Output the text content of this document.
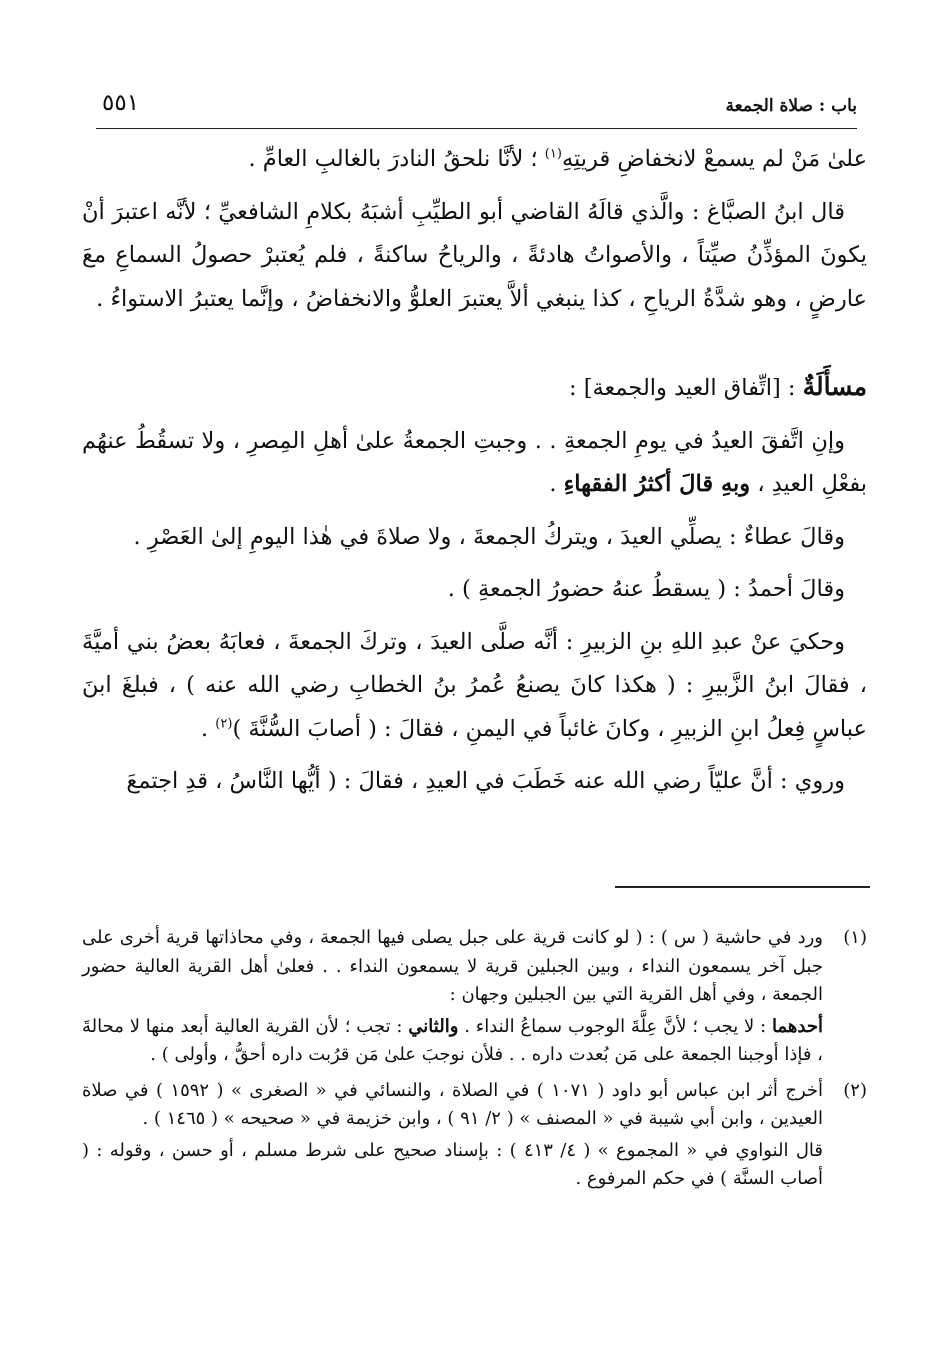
باب : صلاة الجمعة
٥٥١

علىٰ مَنْ لم يسمعْ لانخفاضِ قريتِهِ$^{(١)}$ ؛ لأنَّا نلحقُ النادرَ بالغالبِ العامِّ .

قال ابنُ الصبَّاغ : والَّذي قالَهُ القاضي أبو الطيِّبِ أشبَهُ بكلامِ الشافعيِّ ؛ لأنَّه اعتبرَ أنْ يكونَ المؤذِّنُ صيِّتاً ، والأصواتُ هادئةً ، والرياحُ ساكنةً ، فلم يُعتبرْ حصولُ السماعِ معَ عارضٍ ، وهو شدَّةُ الرياحِ ، كذا ينبغي ألاَّ يعتبرَ العلوُّ والانخفاضُ ، وإنَّما يعتبرُ الاستواءُ .

مسأَلَةٌ : [اتِّفاق العيد والجمعة] :

وإنِ اتَّفقَ العيدُ في يومِ الجمعةِ . . وجبتِ الجمعةُ علىٰ أهلِ المِصرِ ، ولا تسقُطُ عنهُم بفعْلِ العيدِ ، وبهِ قالَ أكثرُ الفقهاءِ .

وقالَ عطاءٌ : يصلِّي العيدَ ، ويتركُ الجمعةَ ، ولا صلاةَ في هٰذا اليومِ إلىٰ العَصْرِ .

وقالَ أحمدُ : ( يسقطُ عنهُ حضورُ الجمعةِ ) .

وحكيَ عنْ عبدِ اللهِ بنِ الزبيرِ : أنَّه صلَّى العيدَ ، وتركَ الجمعةَ ، فعابَهُ بعضُ بني أميَّةَ ، فقالَ ابنُ الزَّبيرِ : ( هكذا كانَ يصنعُ عُمرُ بنُ الخطابِ رضي الله عنه ) ، فبلغَ ابنَ عباسٍ فِعلُ ابنِ الزبيرِ ، وكانَ غائباً في اليمنِ ، فقالَ : ( أصابَ السُّنَّةَ )$^{(٢)}$ .

وروي : أنَّ عليّاً رضي الله عنه خَطَبَ في العيدِ ، فقالَ : ( أيُّها النَّاسُ ، قدِ اجتمعَ

(١)

ورد في حاشية ( س ) : ( لو كانت قرية على جبل يصلى فيها الجمعة ، وفي محاذاتها قرية أخرى على جبل آخر يسمعون النداء ، وبين الجبلين قرية لا يسمعون النداء . . فعلىٰ أهل القرية العالية حضور الجمعة ، وفي أهل القرية التي بين الجبلين وجهان :

أحدهما : لا يجب ؛ لأنَّ عِلَّةَ الوجوب سماعُ النداء . والثاني : تجب ؛ لأن القرية العالية أبعد منها لا محالةَ ، فإذا أوجبنا الجمعة على مَن بُعدت داره . . فلأن نوجبَ علىٰ مَن قرُبت داره أحقُّ ، وأولى ) .

(٢)

أخرج أثر ابن عباس أبو داود ( ١٠٧١ ) في الصلاة ، والنسائي في « الصغرى » ( ١٥٩٢ ) في صلاة العيدين ، وابن أبي شيبة في « المصنف » ( ٢/ ٩١ ) ، وابن خزيمة في « صحيحه » ( ١٤٦٥ ) .

قال النواوي في « المجموع » ( ٤/ ٤١٣ ) : بإسناد صحيح على شرط مسلم ، أو حسن ، وقوله : ( أصاب السنَّة ) في حكم المرفوع .
